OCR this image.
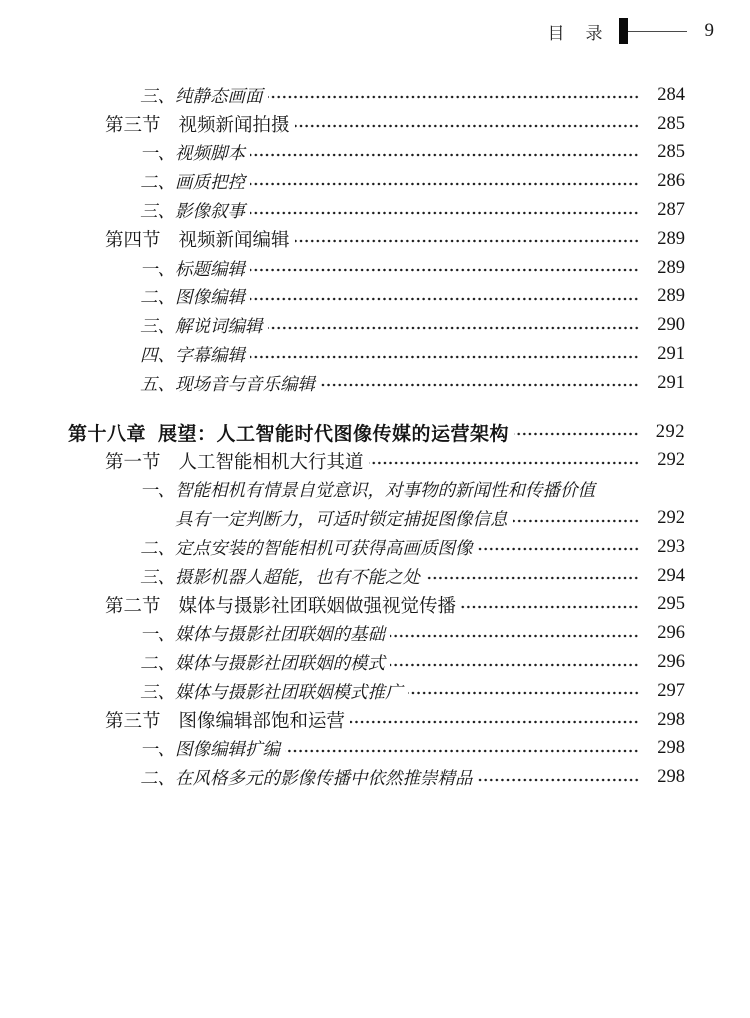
目 录	9
三、 纯静态画面	284
第三节 视频新闻拍摄	285
一、 视频脚本	285
二、 画质把控	286
三、 影像叙事	287
第四节 视频新闻编辑	289
一、 标题编辑	289
二、 图像编辑	289
三、 解说词编辑	290
四、 字幕编辑	291
五、 现场音与音乐编辑	291
第十八章 展望：人工智能时代图像传媒的运营架构	292
第一节 人工智能相机大行其道	292
一、 智能相机有情景自觉意识，对事物的新闻性和传播价值
具有一定判断力，可适时锁定捕捉图像信息	292
二、 定点安装的智能相机可获得高画质图像	293
三、 摄影机器人超能，也有不能之处	294
第二节 媒体与摄影社团联姻做强视觉传播	295
一、 媒体与摄影社团联姻的基础	296
二、 媒体与摄影社团联姻的模式	296
三、 媒体与摄影社团联姻模式推广	297
第三节 图像编辑部饱和运营	298
一、 图像编辑扩编	298
二、 在风格多元的影像传播中依然推崇精品	298
